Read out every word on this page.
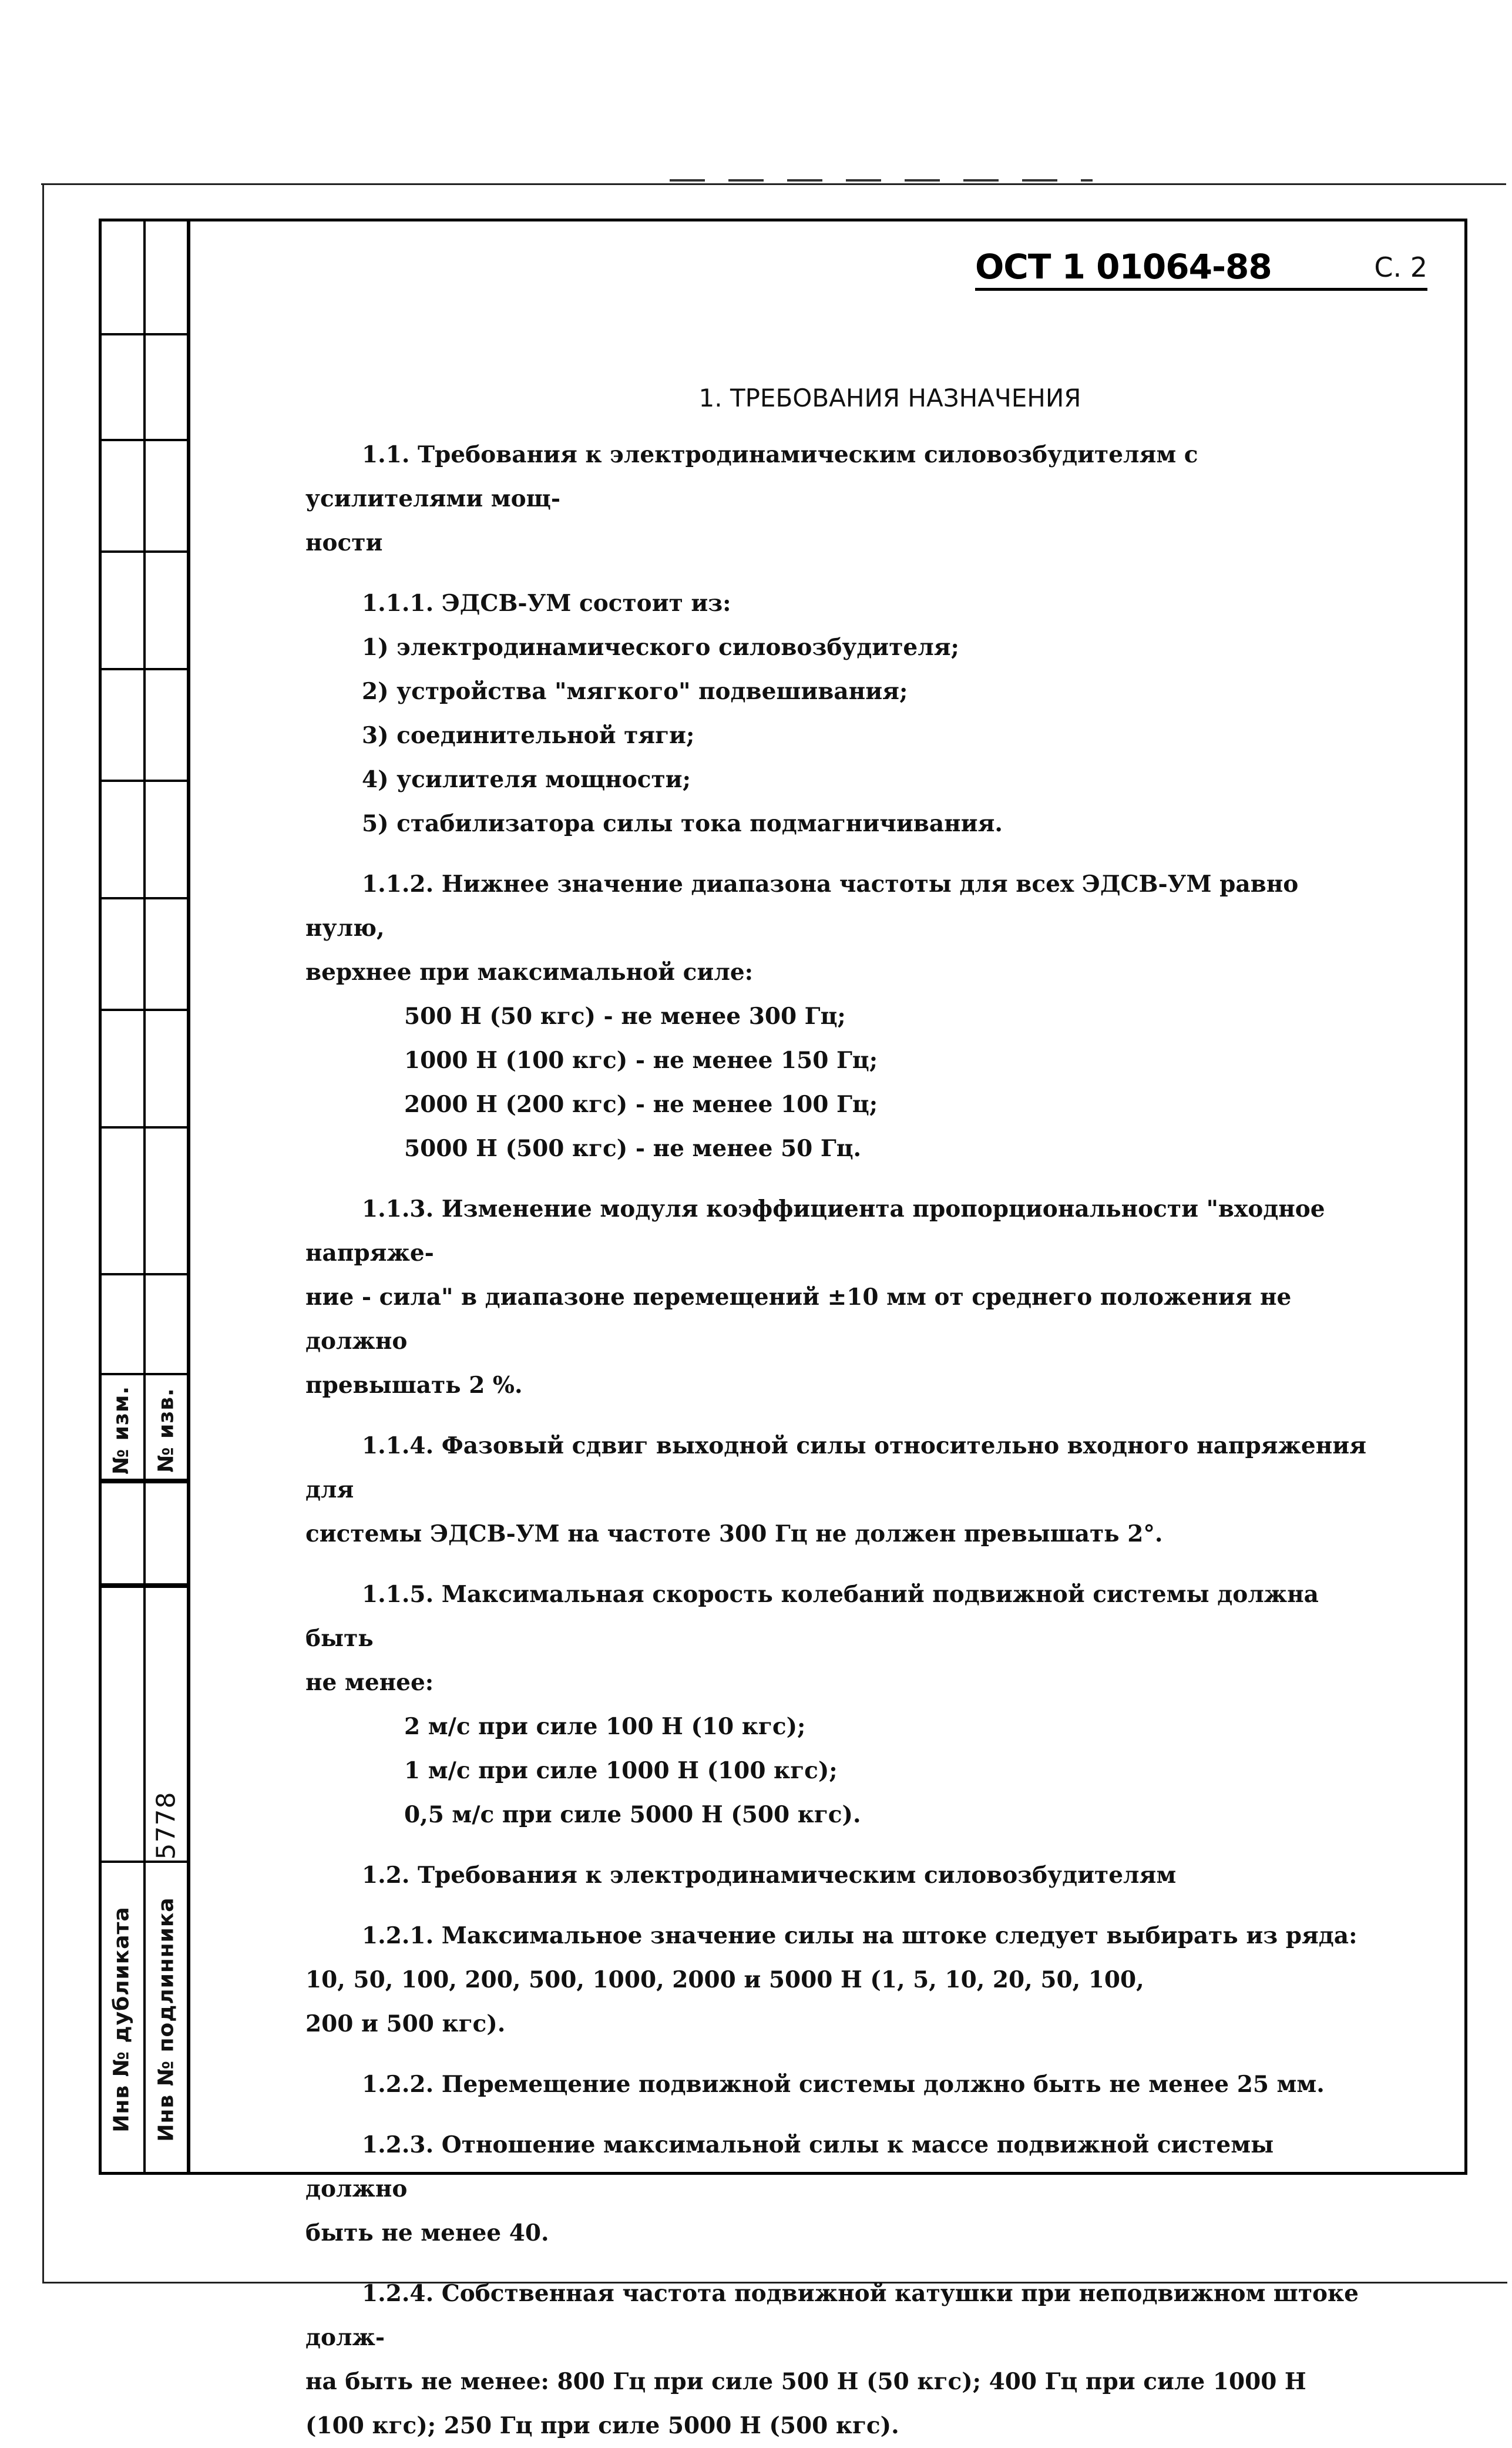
№ изм. № изв.
5778
Инв № дубликата Инв № подлинника
ОСТ 1 01064-88	С. 2

1. ТРЕБОВАНИЯ НАЗНАЧЕНИЯ

1.1. Требования к электродинамическим силовозбудителям с усилителями мощ-

ности

1.1.1. ЭДСВ-УМ состоит из:

1) электродинамического силовозбудителя;

2) устройства "мягкого" подвешивания;

3) соединительной тяги;

4) усилителя мощности;

5) стабилизатора силы тока подмагничивания.

1.1.2. Нижнее значение диапазона частоты для всех ЭДСВ-УМ равно нулю,

верхнее при максимальной силе:

500 Н (50 кгс) - не менее 300 Гц;

1000 Н (100 кгс) - не менее 150 Гц;

2000 Н (200 кгс) - не менее 100 Гц;

5000 Н (500 кгс) - не менее 50 Гц.

1.1.3. Изменение модуля коэффициента пропорциональности "входное напряже-

ние - сила" в диапазоне перемещений ±10 мм от среднего положения не должно

превышать 2 %.

1.1.4. Фазовый сдвиг выходной силы относительно входного напряжения для

системы ЭДСВ-УМ на частоте 300 Гц не должен превышать 2°.

1.1.5. Максимальная скорость колебаний подвижной системы должна быть

не менее:

2 м/с при силе 100 Н (10 кгс);

1 м/с при силе 1000 Н (100 кгс);

0,5 м/с при силе 5000 Н (500 кгс).

1.2. Требования к электродинамическим силовозбудителям

1.2.1. Максимальное значение силы на штоке следует выбирать из ряда:

10, 50, 100, 200, 500, 1000, 2000 и 5000 Н (1, 5, 10, 20, 50, 100,

200 и 500 кгс).

1.2.2. Перемещение подвижной системы должно быть не менее 25 мм.

1.2.3. Отношение максимальной силы к массе подвижной системы должно

быть не менее 40.

1.2.4. Собственная частота подвижной катушки при неподвижном штоке долж-

на быть не менее: 800 Гц при силе 500 Н (50 кгс); 400 Гц при силе 1000 Н

(100 кгс); 250 Гц при силе 5000 Н (500 кгс).
